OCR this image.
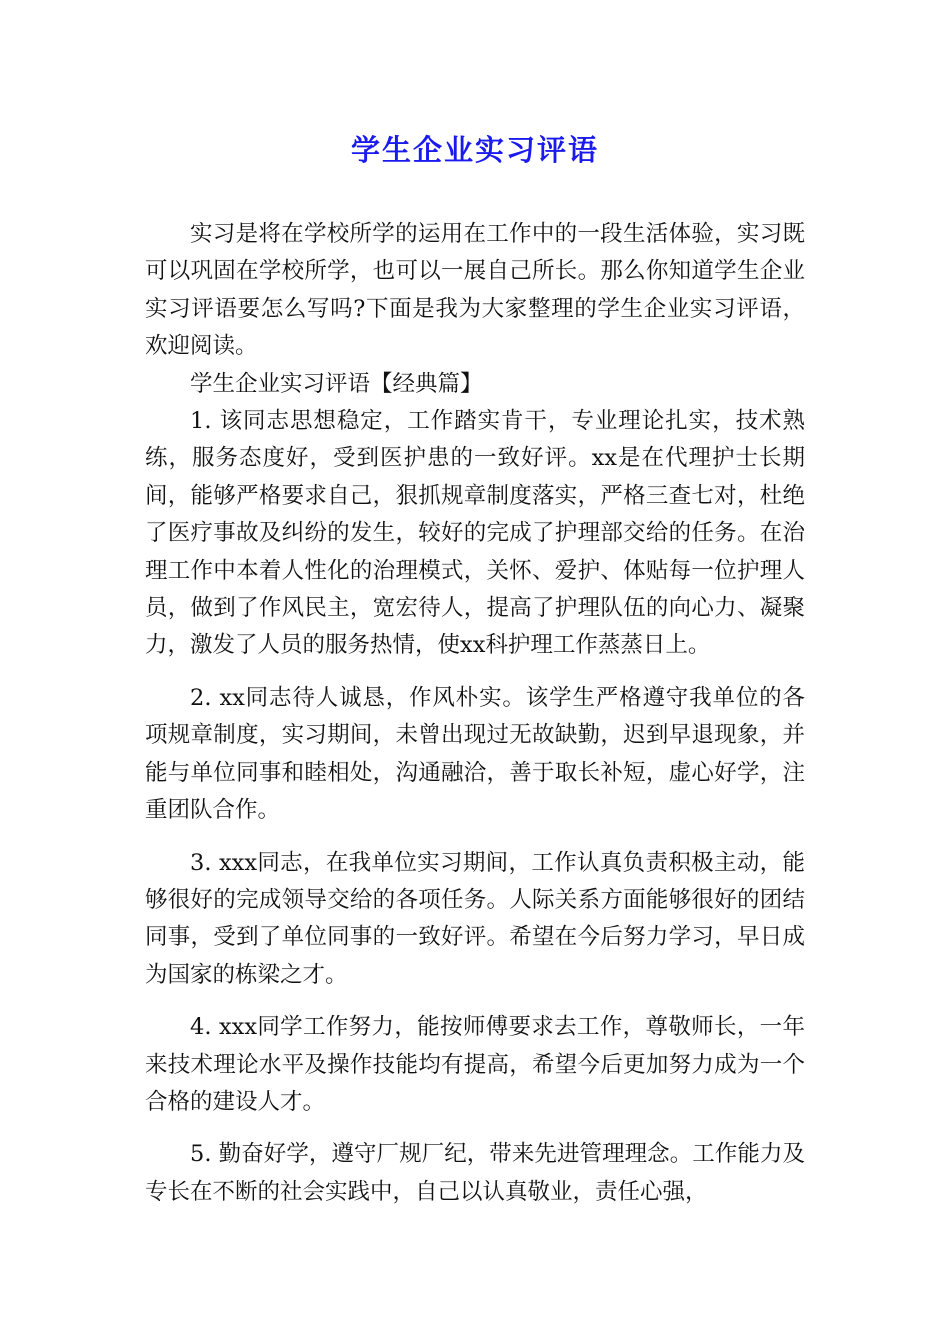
学生企业实习评语

实习是将在学校所学的运用在工作中的一段生活体验，实习既可以巩固在学校所学，也可以一展自己所长。那么你知道学生企业实习评语要怎么写吗?下面是我为大家整理的学生企业实习评语，欢迎阅读。

学生企业实习评语【经典篇】

1. 该同志思想稳定，工作踏实肯干，专业理论扎实，技术熟练，服务态度好，受到医护患的一致好评。xx是在代理护士长期间，能够严格要求自己，狠抓规章制度落实，严格三查七对，杜绝了医疗事故及纠纷的发生，较好的完成了护理部交给的任务。在治理工作中本着人性化的治理模式，关怀、爱护、体贴每一位护理人员，做到了作风民主，宽宏待人，提高了护理队伍的向心力、凝聚力，激发了人员的服务热情，使xx科护理工作蒸蒸日上。

2. xx同志待人诚恳，作风朴实。该学生严格遵守我单位的各项规章制度，实习期间，未曾出现过无故缺勤，迟到早退现象，并能与单位同事和睦相处，沟通融洽，善于取长补短，虚心好学，注重团队合作。

3. xxx同志，在我单位实习期间，工作认真负责积极主动，能够很好的完成领导交给的各项任务。人际关系方面能够很好的团结同事，受到了单位同事的一致好评。希望在今后努力学习，早日成为国家的栋梁之才。

4. xxx同学工作努力，能按师傅要求去工作，尊敬师长，一年来技术理论水平及操作技能均有提高，希望今后更加努力成为一个合格的建设人才。

5. 勤奋好学，遵守厂规厂纪，带来先进管理理念。工作能力及专长在不断的社会实践中，自己以认真敬业，责任心强，
